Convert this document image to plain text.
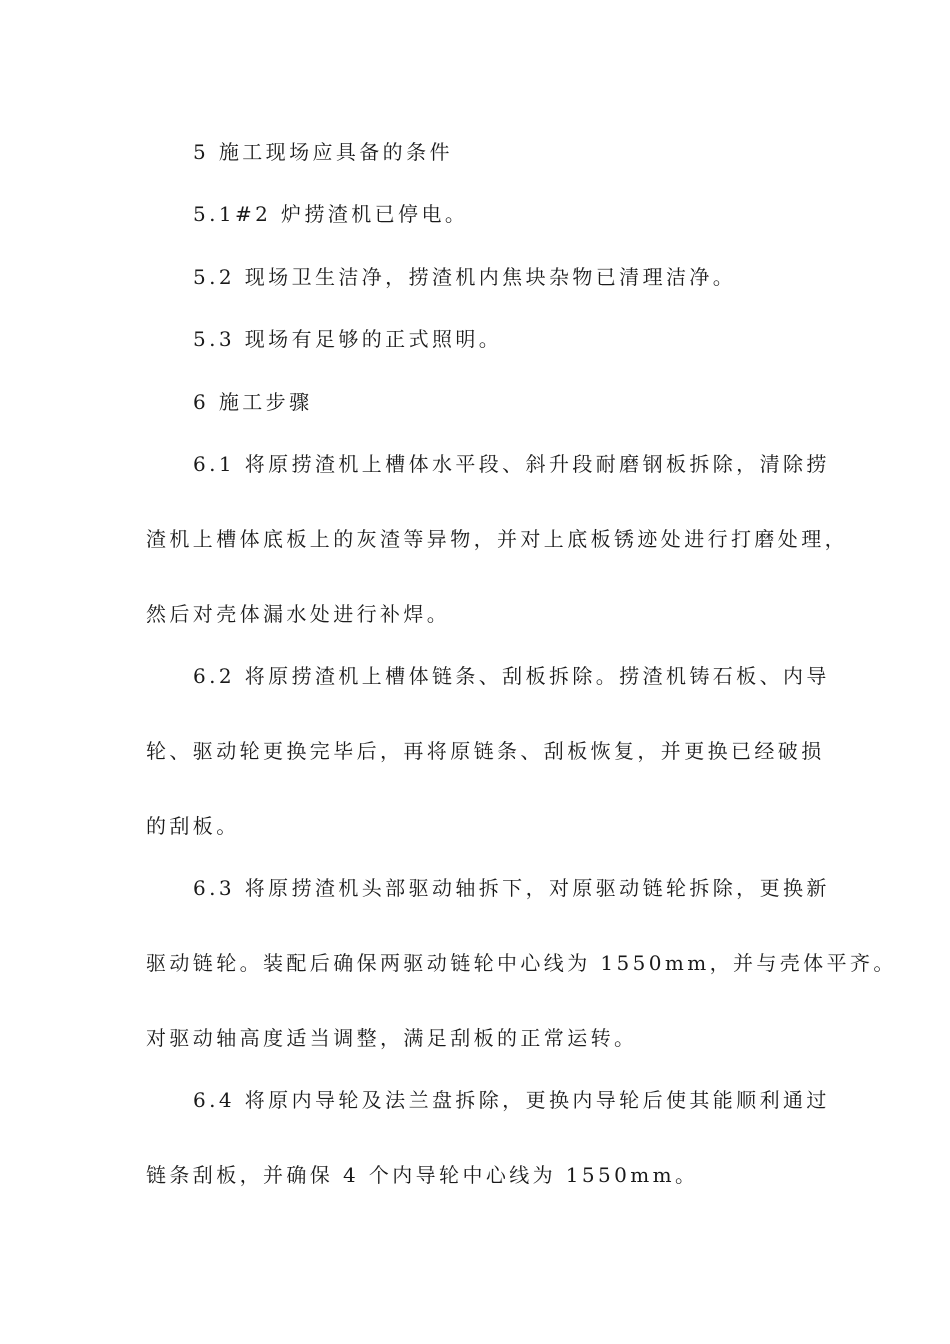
5 施工现场应具备的条件
5.1#2 炉捞渣机已停电。
5.2 现场卫生洁净，捞渣机内焦块杂物已清理洁净。
5.3 现场有足够的正式照明。
6 施工步骤
6.1 将原捞渣机上槽体水平段、斜升段耐磨钢板拆除，清除捞
渣机上槽体底板上的灰渣等异物，并对上底板锈迹处进行打磨处理，
然后对壳体漏水处进行补焊。
6.2 将原捞渣机上槽体链条、刮板拆除。捞渣机铸石板、内导
轮、驱动轮更换完毕后，再将原链条、刮板恢复，并更换已经破损
的刮板。
6.3 将原捞渣机头部驱动轴拆下，对原驱动链轮拆除，更换新
驱动链轮。装配后确保两驱动链轮中心线为 1550mm，并与壳体平齐。
对驱动轴高度适当调整，满足刮板的正常运转。
6.4 将原内导轮及法兰盘拆除，更换内导轮后使其能顺利通过
链条刮板，并确保 4 个内导轮中心线为 1550mm。
